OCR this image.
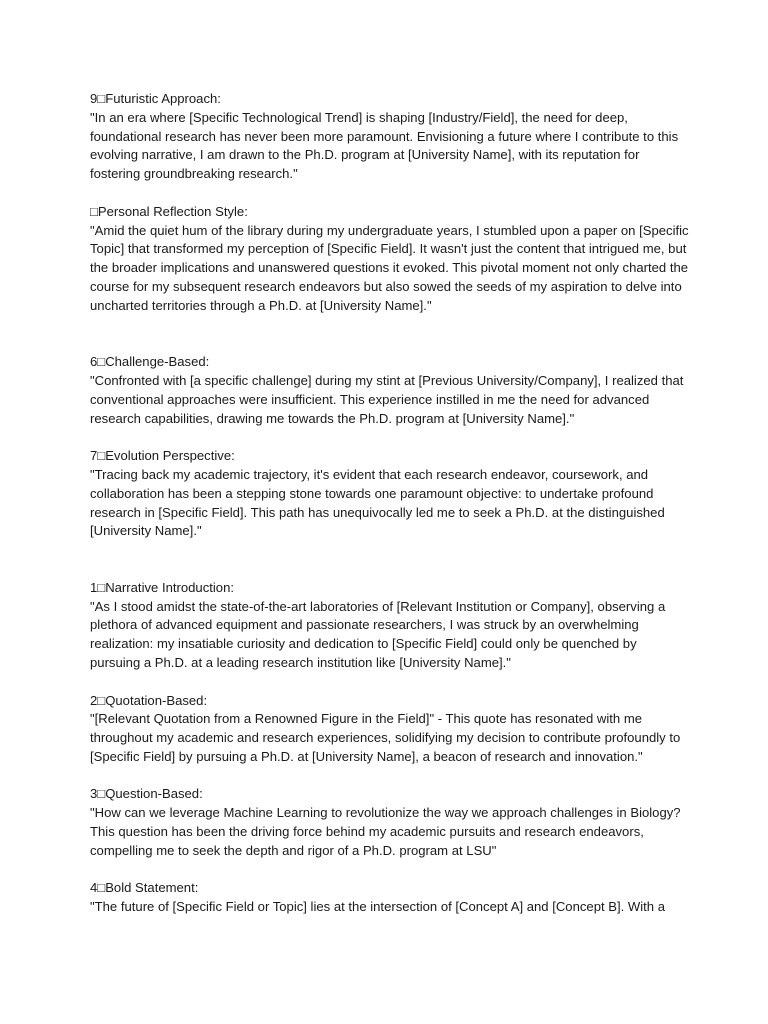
9□Futuristic Approach:

"In an era where [Specific Technological Trend] is shaping [Industry/Field], the need for deep, foundational research has never been more paramount. Envisioning a future where I contribute to this evolving narrative, I am drawn to the Ph.D. program at [University Name], with its reputation for fostering groundbreaking research."

□Personal Reflection Style:

"Amid the quiet hum of the library during my undergraduate years, I stumbled upon a paper on [Specific Topic] that transformed my perception of [Specific Field]. It wasn't just the content that intrigued me, but the broader implications and unanswered questions it evoked. This pivotal moment not only charted the course for my subsequent research endeavors but also sowed the seeds of my aspiration to delve into uncharted territories through a Ph.D. at [University Name]."

6□Challenge-Based:

"Confronted with [a specific challenge] during my stint at [Previous University/Company], I realized that conventional approaches were insufficient. This experience instilled in me the need for advanced research capabilities, drawing me towards the Ph.D. program at [University Name]."

7□Evolution Perspective:

"Tracing back my academic trajectory, it's evident that each research endeavor, coursework, and collaboration has been a stepping stone towards one paramount objective: to undertake profound research in [Specific Field]. This path has unequivocally led me to seek a Ph.D. at the distinguished [University Name]."

1□Narrative Introduction:

"As I stood amidst the state-of-the-art laboratories of [Relevant Institution or Company], observing a plethora of advanced equipment and passionate researchers, I was struck by an overwhelming realization: my insatiable curiosity and dedication to [Specific Field] could only be quenched by pursuing a Ph.D. at a leading research institution like [University Name]."

2□Quotation-Based:

"[Relevant Quotation from a Renowned Figure in the Field]" - This quote has resonated with me throughout my academic and research experiences, solidifying my decision to contribute profoundly to [Specific Field] by pursuing a Ph.D. at [University Name], a beacon of research and innovation."

3□Question-Based:

"How can we leverage Machine Learning to revolutionize the way we approach challenges in Biology? This question has been the driving force behind my academic pursuits and research endeavors, compelling me to seek the depth and rigor of a Ph.D. program at LSU"

4□Bold Statement:

"The future of [Specific Field or Topic] lies at the intersection of [Concept A] and [Concept B]. With a
